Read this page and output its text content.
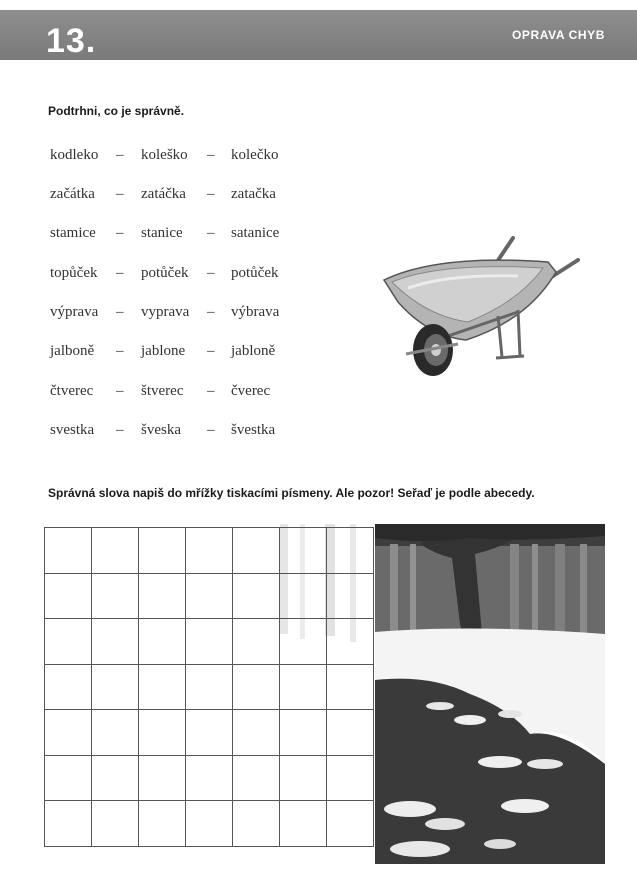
13.	OPRAVA CHYB
Podtrhni, co je správně.
kodleko – koleško – kolečko
začátka – zatáčka – zatačka
stamice – stanice – satanice
topůček – potůček – potůček
výprava – vyprava – výbrava
jalboně – jablone – jabloně
čtverec – štverec – čverec
svestka – šveska – švestka
Správná slova napiš do mřížky tiskacími písmeny. Ale pozor! Seřaď je podle abecedy.
